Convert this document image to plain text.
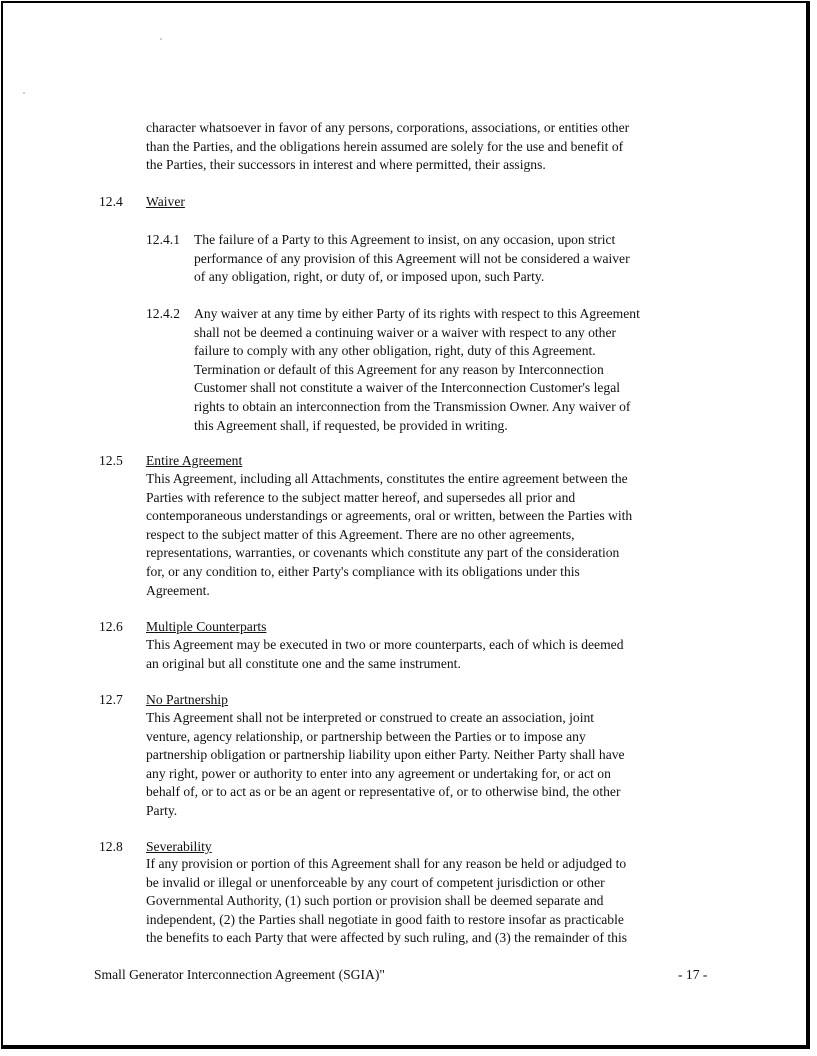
character whatsoever in favor of any persons, corporations, associations, or entities other
than the Parties, and the obligations herein assumed are solely for the use and benefit of
the Parties, their successors in interest and where permitted, their assigns.
12.4 Waiver
12.4.1 The failure of a Party to this Agreement to insist, on any occasion, upon strict
performance of any provision of this Agreement will not be considered a waiver
of any obligation, right, or duty of, or imposed upon, such Party.
12.4.2 Any waiver at any time by either Party of its rights with respect to this Agreement
shall not be deemed a continuing waiver or a waiver with respect to any other
failure to comply with any other obligation, right, duty of this Agreement.
Termination or default of this Agreement for any reason by Interconnection
Customer shall not constitute a waiver of the Interconnection Customer's legal
rights to obtain an interconnection from the Transmission Owner. Any waiver of
this Agreement shall, if requested, be provided in writing.
12.5 Entire Agreement
This Agreement, including all Attachments, constitutes the entire agreement between the
Parties with reference to the subject matter hereof, and supersedes all prior and
contemporaneous understandings or agreements, oral or written, between the Parties with
respect to the subject matter of this Agreement. There are no other agreements,
representations, warranties, or covenants which constitute any part of the consideration
for, or any condition to, either Party's compliance with its obligations under this
Agreement.
12.6 Multiple Counterparts
This Agreement may be executed in two or more counterparts, each of which is deemed
an original but all constitute one and the same instrument.
12.7 No Partnership
This Agreement shall not be interpreted or construed to create an association, joint
venture, agency relationship, or partnership between the Parties or to impose any
partnership obligation or partnership liability upon either Party. Neither Party shall have
any right, power or authority to enter into any agreement or undertaking for, or act on
behalf of, or to act as or be an agent or representative of, or to otherwise bind, the other
Party.
12.8 Severability
If any provision or portion of this Agreement shall for any reason be held or adjudged to
be invalid or illegal or unenforceable by any court of competent jurisdiction or other
Governmental Authority, (1) such portion or provision shall be deemed separate and
independent, (2) the Parties shall negotiate in good faith to restore insofar as practicable
the benefits to each Party that were affected by such ruling, and (3) the remainder of this
Small Generator Interconnection Agreement (SGIA)"	- 17 -
